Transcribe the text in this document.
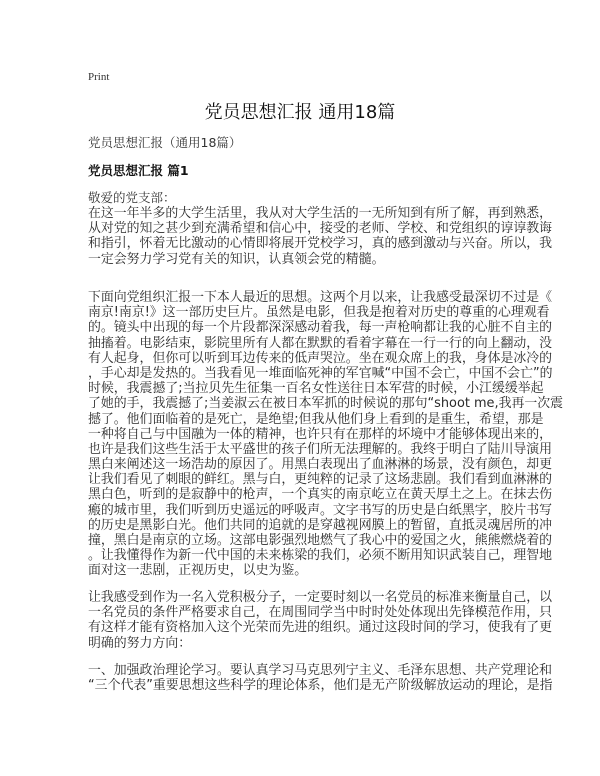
Print
党员思想汇报 通用18篇
党员思想汇报（通用18篇）
党员思想汇报 篇1
敬爱的党支部：
在这一年半多的大学生活里，我从对大学生活的一无所知到有所了解，再到熟悉，
从对党的知之甚少到充满希望和信心中，接受的老师、学校、和党组织的谆谆教诲
和指引，怀着无比激动的心情即将展开党校学习，真的感到激动与兴奋。所以，我
一定会努力学习党有关的知识，认真领会党的精髓。
下面向党组织汇报一下本人最近的思想。这两个月以来，让我感受最深切不过是《
南京!南京!》这一部历史巨片。虽然是电影，但我是抱着对历史的尊重的心理观看
的。镜头中出现的每一个片段都深深感动着我，每一声枪响都让我的心脏不自主的
抽搐着。电影结束，影院里所有人都在默默的看着字幕在一行一行的向上翻动，没
有人起身，但你可以听到耳边传来的低声哭泣。坐在观众席上的我，身体是冰冷的
，手心却是发热的。当我看见一堆面临死神的军官喊“中国不会亡，中国不会亡”的
时候，我震撼了;当拉贝先生征集一百名女性送往日本军营的时候，小江缓缓举起
了她的手，我震撼了;当姜淑云在被日本军抓的时候说的那句“shoot me,我再一次震
撼了。他们面临着的是死亡，是绝望;但我从他们身上看到的是重生，希望，那是
一种将自己与中国融为一体的精神，也许只有在那样的坏境中才能够体现出来的，
也许是我们这些生活于太平盛世的孩子们所无法理解的。我终于明白了陆川导演用
黑白来阐述这一场浩劫的原因了。用黑白表现出了血淋淋的场景，没有颜色，却更
让我们看见了刺眼的鲜红。黑与白，更纯粹的记录了这场悲剧。我们看到血淋淋的
黑白色，听到的是寂静中的枪声，一个真实的南京屹立在黄天厚土之上。在抹去伤
瘢的城市里，我们听到历史遥远的呼吸声。文字书写的历史是白纸黑字，胶片书写
的历史是黑影白光。他们共同的追就的是穿越视网膜上的暂留，直抵灵魂居所的冲
撞，黑白是南京的立场。这部电影强烈地燃气了我心中的爱国之火，熊熊燃烧着的
。让我懂得作为新一代中国的未来栋梁的我们，必须不断用知识武装自己，理智地
面对这一悲剧，正视历史，以史为鉴。
让我感受到作为一名入党积极分子，一定要时刻以一名党员的标准来衡量自己，以
一名党员的条件严格要求自己，在周围同学当中时时处处体现出先锋模范作用，只
有这样才能有资格加入这个光荣而先进的组织。通过这段时间的学习，使我有了更
明确的努力方向：
一、加强政治理论学习。要认真学习马克思列宁主义、毛泽东思想、共产党理论和
“三个代表”重要思想这些科学的理论体系，他们是无产阶级解放运动的理论，是指
